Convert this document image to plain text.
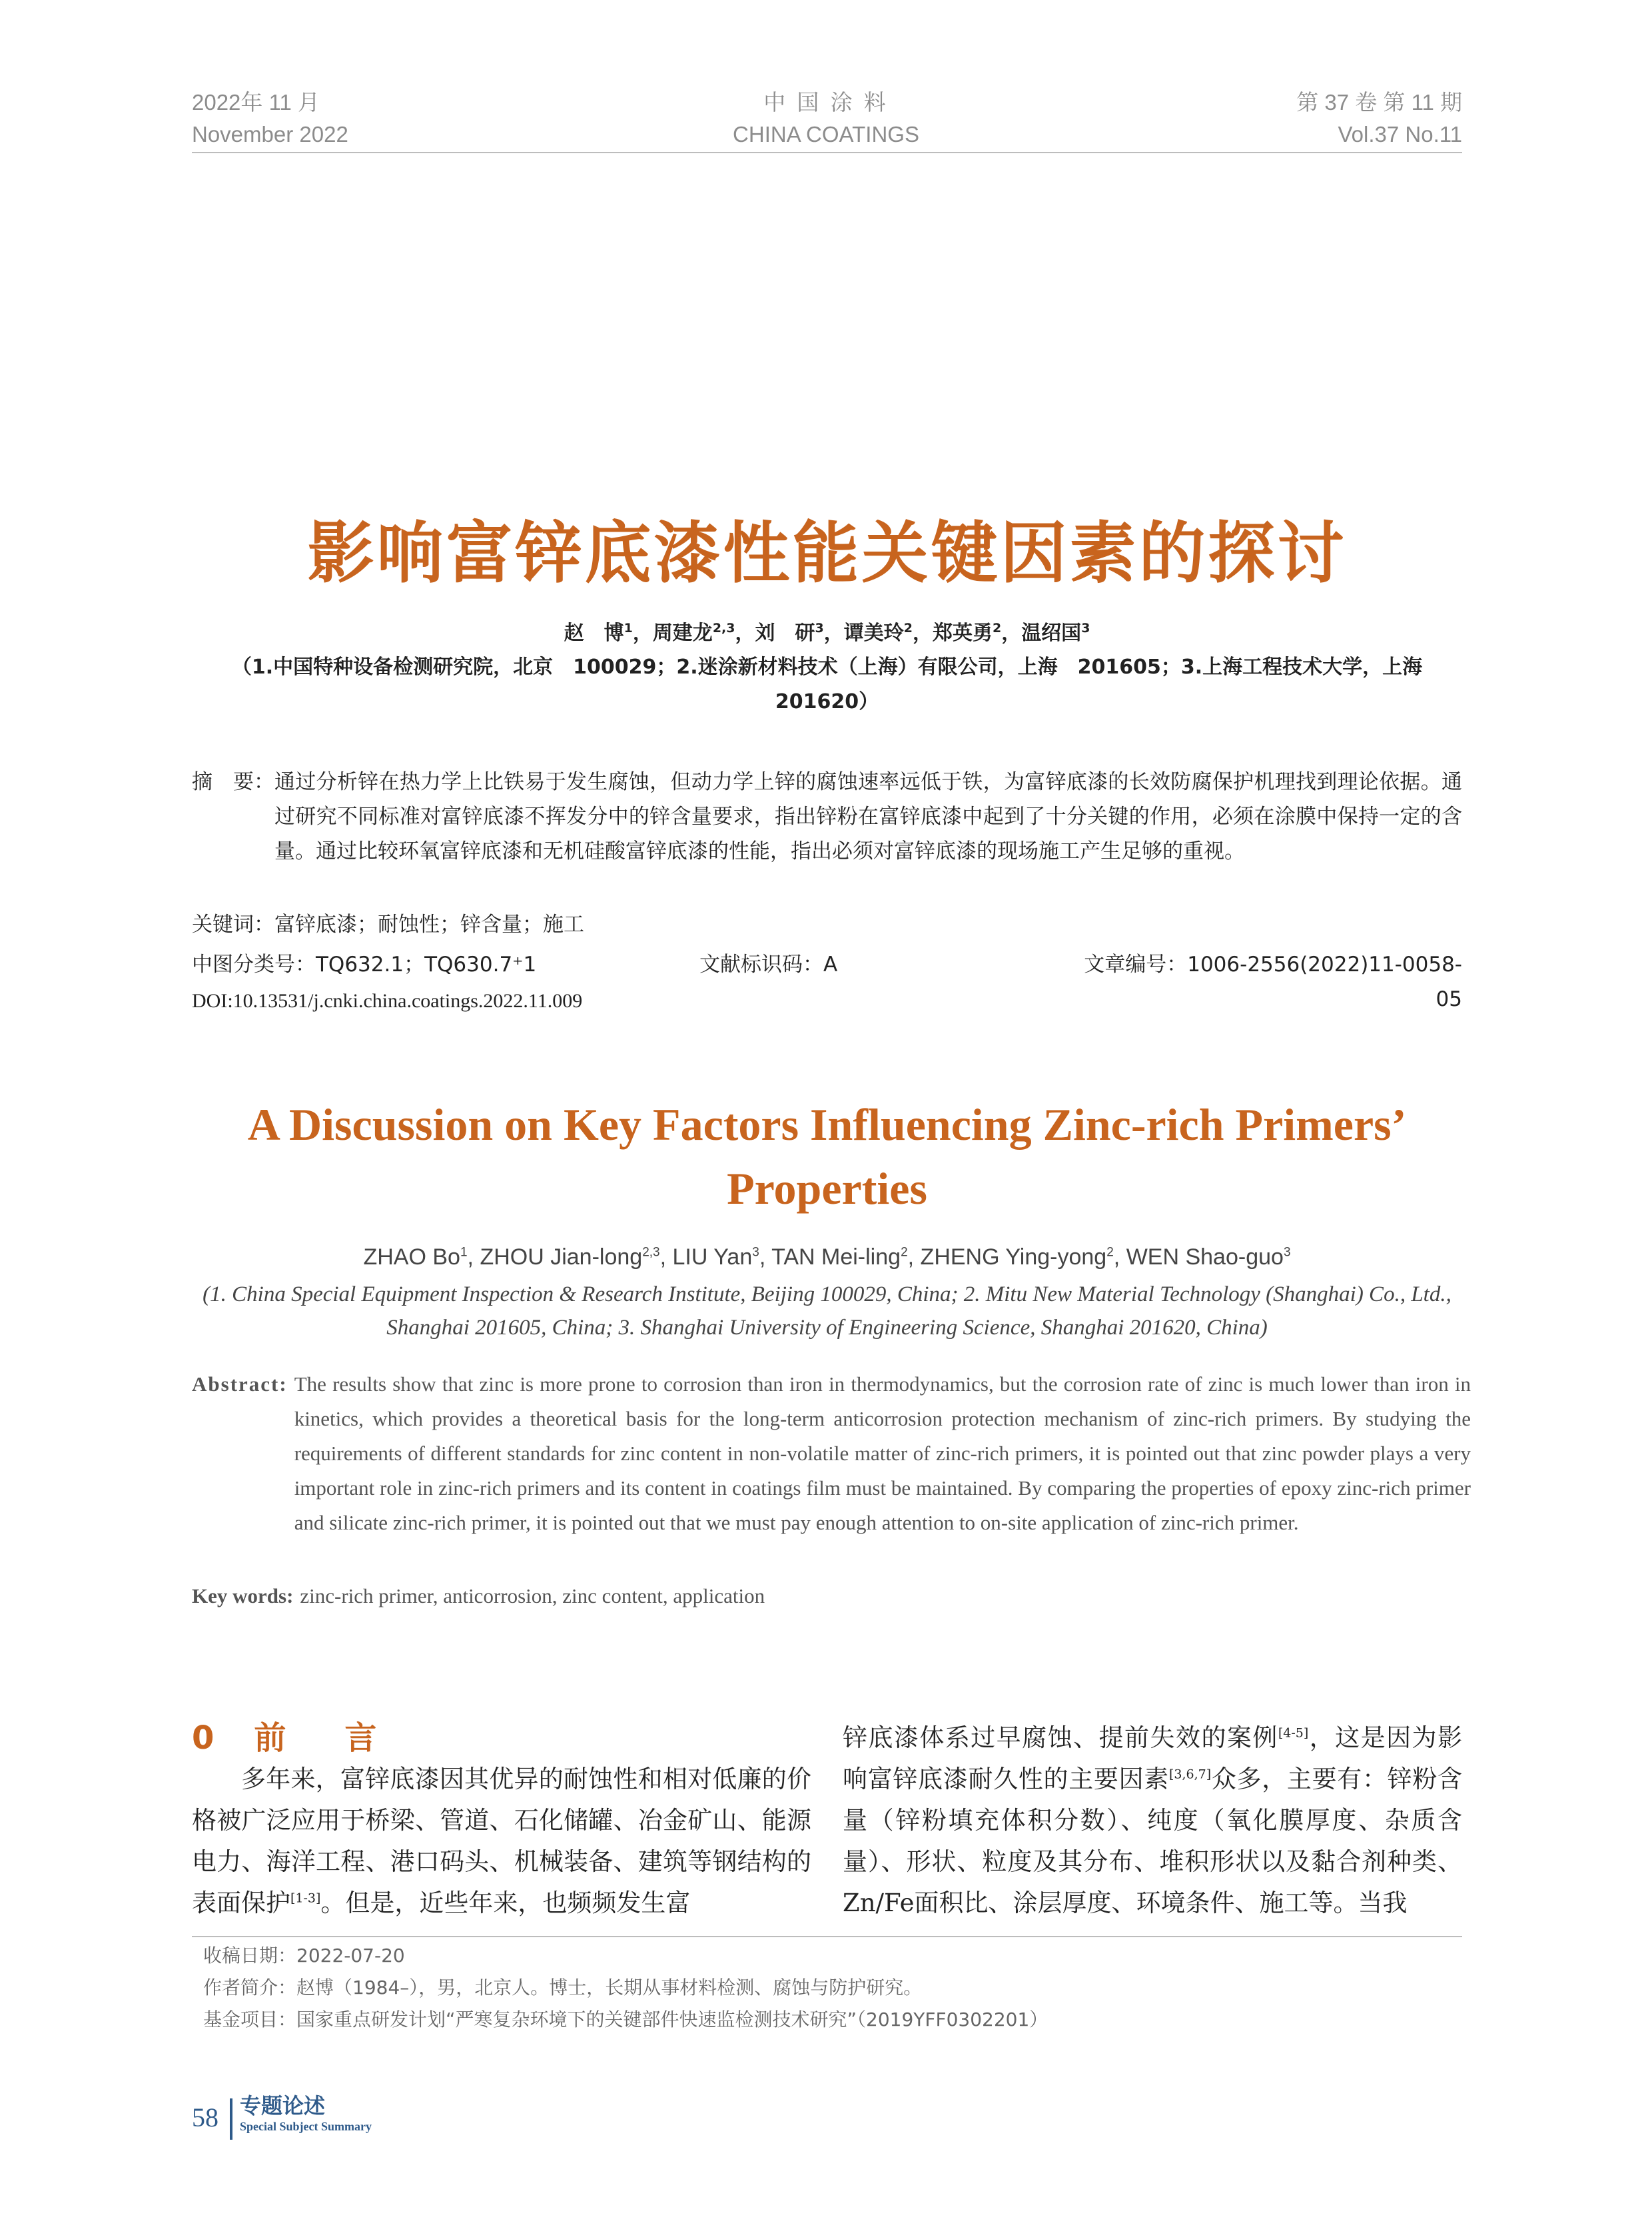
2022年 11 月
November 2022
中 国 涂 料
CHINA COATINGS
第 37 卷 第 11 期
Vol.37 No.11
影响富锌底漆性能关键因素的探讨
赵　博$^1$，周建龙$^{2,3}$，刘　研$^3$，谭美玲$^2$，郑英勇$^2$，温绍国$^3$
（1.中国特种设备检测研究院，北京　100029；2.迷涂新材料技术（上海）有限公司，上海　201605；3.上海工程技术大学，上海 201620）
摘　要： 通过分析锌在热力学上比铁易于发生腐蚀，但动力学上锌的腐蚀速率远低于铁，为富锌底漆的长效防腐保护机理找到理论依据。通过研究不同标准对富锌底漆不挥发分中的锌含量要求，指出锌粉在富锌底漆中起到了十分关键的作用，必须在涂膜中保持一定的含量。通过比较环氧富锌底漆和无机硅酸富锌底漆的性能，指出必须对富锌底漆的现场施工产生足够的重视。
关键词：富锌底漆；耐蚀性；锌含量；施工
中图分类号：TQ632.1；TQ630.7⁺1	文献标识码：A	文章编号：1006-2556(2022)11-0058-05
DOI:10.13531/j.cnki.china.coatings.2022.11.009
A Discussion on Key Factors Influencing Zinc-rich Primers’ Properties
ZHAO Bo$^1$, ZHOU Jian-long$^{2,3}$, LIU Yan$^3$, TAN Mei-ling$^2$, ZHENG Ying-yong$^2$, WEN Shao-guo$^3$
(1. China Special Equipment Inspection & Research Institute, Beijing 100029, China; 2. Mitu New Material Technology (Shanghai) Co., Ltd., Shanghai 201605, China; 3. Shanghai University of Engineering Science, Shanghai 201620, China)
Abstract: The results show that zinc is more prone to corrosion than iron in thermodynamics, but the corrosion rate of zinc is much lower than iron in kinetics, which provides a theoretical basis for the long-term anticorrosion protection mechanism of zinc-rich primers. By studying the requirements of different standards for zinc content in non-volatile matter of zinc-rich primers, it is pointed out that zinc powder plays a very important role in zinc-rich primers and its content in coatings film must be maintained. By comparing the properties of epoxy zinc-rich primer and silicate zinc-rich primer, it is pointed out that we must pay enough attention to on-site application of zinc-rich primer.
Key words: zinc-rich primer, anticorrosion, zinc content, application
0 前　言
多年来，富锌底漆因其优异的耐蚀性和相对低廉的价格被广泛应用于桥梁、管道、石化储罐、冶金矿山、能源电力、海洋工程、港口码头、机械装备、建筑等钢结构的表面保护[1-3]。但是，近些年来，也频频发生富
锌底漆体系过早腐蚀、提前失效的案例[4-5]，这是因为影响富锌底漆耐久性的主要因素[3,6,7]众多，主要有：锌粉含量（锌粉填充体积分数）、纯度（氧化膜厚度、杂质含量）、形状、粒度及其分布、堆积形状以及黏合剂种类、Zn/Fe面积比、涂层厚度、环境条件、施工等。当我
收稿日期：2022-07-20
作者简介：赵博（1984–），男，北京人。博士，长期从事材料检测、腐蚀与防护研究。
基金项目：国家重点研发计划“严寒复杂环境下的关键部件快速监检测技术研究”（2019YFF0302201）
58 专题论述
Special Subject Summary
